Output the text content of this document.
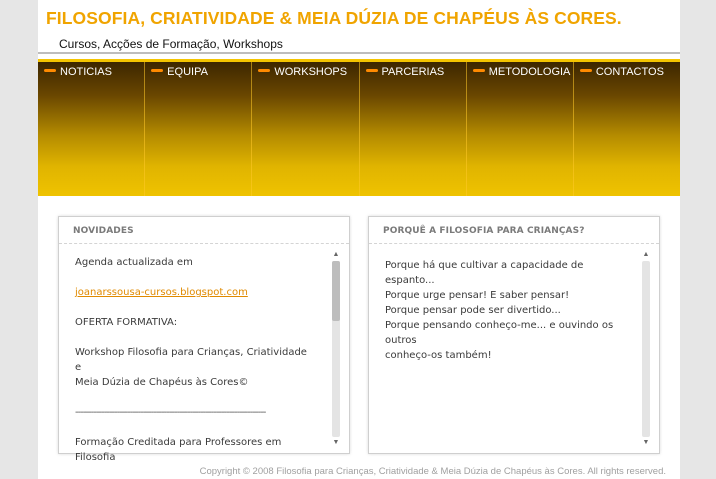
FILOSOFIA, CRIATIVIDADE & MEIA DÚZIA DE CHAPÉUS ÀS CORES.
Cursos, Acções de Formação, Workshops
NOTICIAS	EQUIPA	WORKSHOPS	PARCERIAS	METODOLOGIA CONTACTOS
NOVIDADES

Agenda actualizada em

joanarssousa-cursos.blogspot.com

OFERTA FORMATIVA:

Workshop Filosofia para Crianças, Criatividade e

Meia Dúzia de Chapéus às Cores©

-------------------------------------------------------------------------

Formação Creditada para Professores em Filosofia

▲
▼
PORQUÊ A FILOSOFIA PARA CRIANÇAS?

Porque há que cultivar a capacidade de espanto...

Porque urge pensar! E saber pensar!

Porque pensar pode ser divertido...

Porque pensando conheço-me... e ouvindo os outros

conheço-os também!

▲
▼
Copyright © 2008 Filosofia para Crianças, Criatividade & Meia Dúzia de Chapéus às Cores. All rights reserved.
